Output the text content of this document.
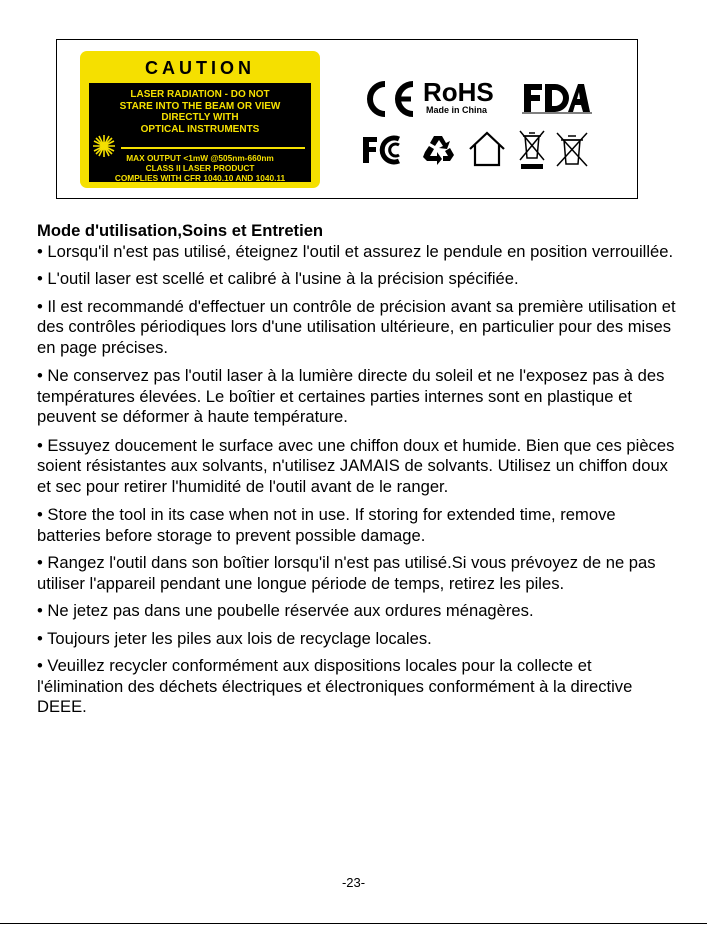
CAUTION
LASER RADIATION - DO NOT
STARE INTO THE BEAM OR VIEW
DIRECTLY WITH
OPTICAL INSTRUMENTS
MAX OUTPUT <1mW @505nm-660nm
CLASS II LASER PRODUCT
COMPLIES WITH CFR 1040.10 AND 1040.11
RoHS
Made in China

Mode d'utilisation,Soins et Entretien

• Lorsqu'il n'est pas utilisé, éteignez l'outil et assurez le pendule en position verrouillée.

• L'outil laser est scellé et calibré à l'usine à la précision spécifiée.

• Il est recommandé d'effectuer un contrôle de précision avant sa première utilisation et des contrôles périodiques lors d'une utilisation ultérieure, en particulier pour des mises en page précises.

• Ne conservez pas l'outil laser à la lumière directe du soleil et ne l'exposez pas à des températures élevées. Le boîtier et certaines parties internes sont en plastique et peuvent se déformer à haute température.

• Essuyez doucement le surface avec une chiffon doux et humide. Bien que ces pièces soient résistantes aux solvants, n'utilisez JAMAIS de solvants. Utilisez un chiffon doux et sec pour retirer l'humidité de l'outil avant de le ranger.

• Store the tool in its case when not in use. If storing for extended time, remove batteries before storage to prevent possible damage.

• Rangez l'outil dans son boîtier lorsqu'il n'est pas utilisé.Si vous prévoyez de ne pas utiliser l'appareil pendant une longue période de temps, retirez les piles.

• Ne jetez pas dans une poubelle réservée aux ordures ménagères.

• Toujours jeter les piles aux lois de recyclage locales.

• Veuillez recycler conformément aux dispositions locales pour la collecte et l'élimination des déchets électriques et électroniques conformément à la directive DEEE.

-23-
